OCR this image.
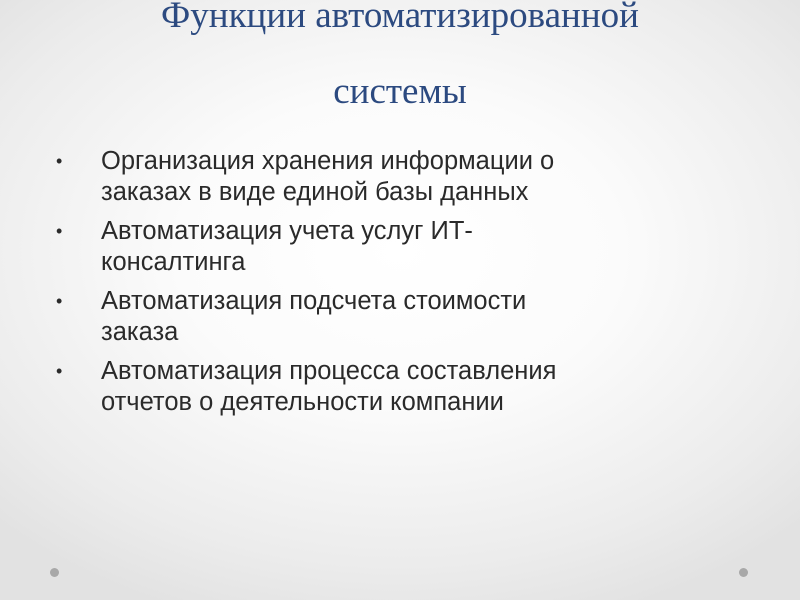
Функции автоматизированной
системы
• Организация хранения информации о
заказах в виде единой базы данных
• Автоматизация учета услуг ИТ-
консалтинга
• Автоматизация подсчета стоимости
заказа
• Автоматизация процесса составления
отчетов о деятельности компании
